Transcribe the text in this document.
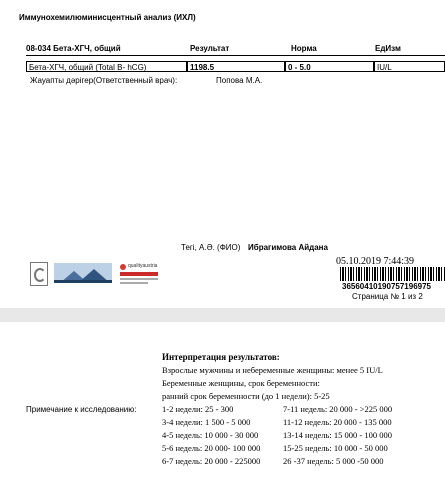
Иммунохемилюминисцентный анализ (ИХЛ)
08-034 Бета-ХГЧ, общий	Результат	Норма	ЕдИзм
Бета-ХГЧ, общий (Total B- hCG)	1198.5	0 - 5.0	IU/L
Жауапты дәрігер(Ответственный врач):	Попова М.А.
Тегі, А.Ә. (ФИО) Ибрагимова Айдана
05.10.2019 7:44:39
qualityaustria
36560410190757196975
Страница № 1 из 2
Примечание к исследованию:
Интерпретация результатов:
Взрослые мужчины и небеременные женщины: менее 5 IU/L
Беременные женщины, срок беременности:
ранний срок беременности (до 1 недели): 5-25
1-2 недели: 25 - 300
3-4 недели: 1 500 - 5 000
4-5 недель: 10 000 - 30 000
5-6 недель: 20 000- 100 000
6-7 недель: 20 000 - 225000
7-11 недель: 20 000 - >225 000
11-12 недель: 20 000 - 135 000
13-14 недель: 15 000 - 100 000
15-25 недель: 10 000 - 50 000
26 -37 недель: 5 000 -50 000
